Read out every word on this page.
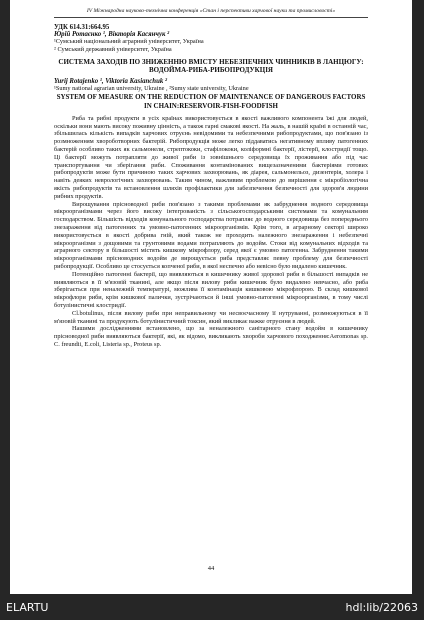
IV Міжнародна науково-технічна конференція «Стан і перспективи харчової науки та промисловості»
УДК 614.31:664.95
Юрій Ротаєнко ¹, Вікторія Касянчук ²
¹Сумський національний аграрний університет, Україна
² Сумський державний університет, Україна
СИСТЕМА ЗАХОДІВ ПО ЗНИЖЕННЮ ВМІСТУ НЕБЕЗПЕЧНИХ ЧИННИКІВ В ЛАНЦЮГУ: ВОДОЙМА-РИБА-РИБОПРОДУКЦІЯ
Yurij Rotajenko ¹, Viktoria Kasianchuk ²
¹Sumy national agrarian university, Ukraine , ²Sumy state university, Ukraine
SYSTEM OF MEASURE ON THE REDUCTION OF MAINTENANCE OF DANGEROUS FACTORS IN CHAIN:RESERVOIR-FISH-FOODFISH

Риба та рибні продукти в усіх країнах використовується в якості важливого компонента їжі для людей, оскільки вони мають високу поживну цінність, а також гарні смакові якості. На жаль, в нашій країні в останній час, збільшилась кількість випадків харчових отруєнь невідомими та небезпечними рибопродуктами, що пов'язано із розмноженням хвороботворних бактерій. Рибопродукція може легко піддаватись негативному впливу патогенних бактерій особливо таких як сальмонели, стрептококи, стафілококи, коліформні бактерії, лістерії, клостридії тощо. Ці бактерії можуть потрапляти до живої риби із зовнішнього середовища їх проживання або під час транспортування чи зберігання риби. Споживання контамінованих вищезазначеними бактеріями готових рибопродуктів може бути причиною таких харчових захворювань, як діарея, сальмонельоз, дизентерія, холера і навіть деяких неврологічних захворювань. Таким чином, важливим проблемою до вирішення є мікробіологічна якість рибопродуктів та встановлення шляхів профілактики для забезпечення безпечності для здоров'я людини рибних продуктів.

Вирощування прісноводної риби пов'язано з такими проблемами як забруднення водного середовища мікроорганізмами через його високу інтегрованість з сільськогосподарськими системами та комунальним господарством. Більшість відходів комунального господарства потрапляє до водного середовища без попереднього знезараження від патогенних та умовно-патогенних мікроорганізмів. Крім того, в аграрному секторі широко використовується в якості добрива гній, який також не проходить належного знезараження і небезпечні мікроорганізми з дощовими та грунтовими водами потрапляють до водойм. Стоки від комунальних відходів та аграрного сектору в більшості містять кишкову мікрофлору, серед якої є умовно патогенна. Забруднення такими мікроорганізмами прісноводних водойм де вирощується риба представляє певну проблему для безпечності рибопродукції. Особливо це стосується копченої риби, в якої неспечно або невісно було видалено кишечник.

Потенційно патогенні бактерії, що виявляються в кишечнику живої здорової риби в більшості випадків не виявляються в її м'язовій тканині, але якщо після вилову риби кишечник було видалено невчасно, або риба зберігається при неналежній температурі, можлива її контамінація кишковою мікрофлорою. В склад кишкової мікрофлори риби, крім кишкової палички, зустрічаються й інші умовно-патогенні мікроорганізми, в тому числі ботулінистичні клостридії.

Cl.botulinus, після вилову риби при неправильному чи несвоєчасному її нутруванні, розмножуються в її м'язовій тканині та продукують ботулінистичний токсин, який викликає важке отруєння в людей.

Нашими дослідженнями встановлено, що за неналежного санітарного стану водойм в кишечнику прісноводної риби виявляються бактерії, які, як відомо, викликають хвороби харчового походження:Aeromonas sp. C. freundii, E.coli, Listeria sp., Proteus sp.

44
ELARTU	hdl:lib/22063
